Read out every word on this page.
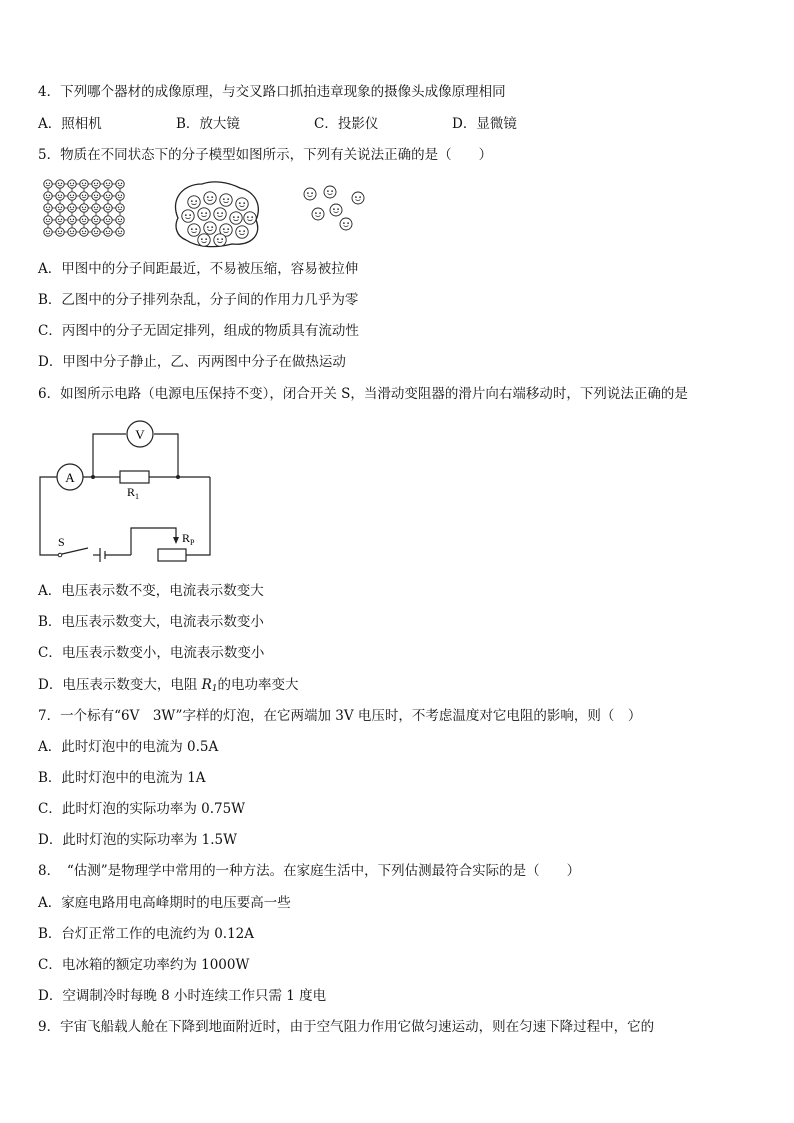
4．下列哪个器材的成像原理，与交叉路口抓拍违章现象的摄像头成像原理相同
A．照相机	B．放大镜	C．投影仪	D．显微镜
5．物质在不同状态下的分子模型如图所示，下列有关说法正确的是（　　）
A．甲图中的分子间距最近，不易被压缩，容易被拉伸
B．乙图中的分子排列杂乱，分子间的作用力几乎为零
C．丙图中的分子无固定排列，组成的物质具有流动性
D．甲图中分子静止，乙、丙两图中分子在做热运动
6．如图所示电路（电源电压保持不变），闭合开关 S，当滑动变阻器的滑片向右端移动时，下列说法正确的是
V
A
$R_1$
S	$R_P$
A．电压表示数不变，电流表示数变大
B．电压表示数变大，电流表示数变小
C．电压表示数变小，电流表示数变小
D．电压表示数变大，电阻 $R_1$的电功率变大
7．一个标有“6V　3W”字样的灯泡，在它两端加 3V 电压时，不考虑温度对它电阻的影响，则（　）
A．此时灯泡中的电流为 0.5A
B．此时灯泡中的电流为 1A
C．此时灯泡的实际功率为 0.75W
D．此时灯泡的实际功率为 1.5W
8．　“估测”是物理学中常用的一种方法。在家庭生活中，下列估测最符合实际的是（　　）
A．家庭电路用电高峰期时的电压要高一些
B．台灯正常工作的电流约为 0.12A
C．电冰箱的额定功率约为 1000W
D．空调制冷时每晚 8 小时连续工作只需 1 度电
9．宇宙飞船载人舱在下降到地面附近时，由于空气阻力作用它做匀速运动，则在匀速下降过程中，它的
